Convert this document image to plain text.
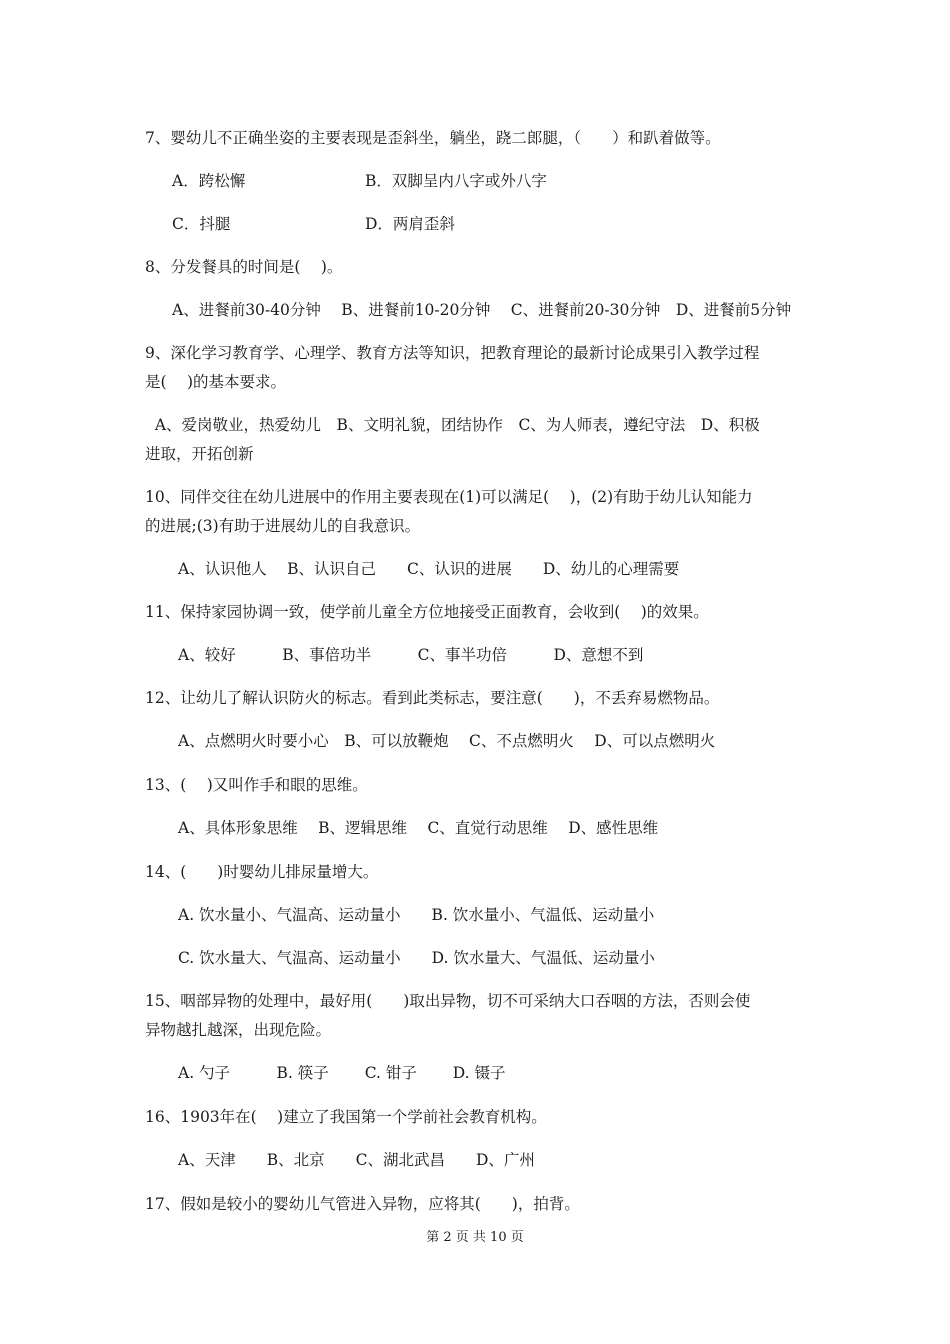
7、婴幼儿不正确坐姿的主要表现是歪斜坐，躺坐，跷二郎腿，（　　）和趴着做等。
A．跨松懈	B．双脚呈内八字或外八字
C．抖腿	D．两肩歪斜
8、分发餐具的时间是(　 )。
A、进餐前30-40分钟　 B、进餐前10-20分钟　 C、进餐前20-30分钟　D、进餐前5分钟
9、深化学习教育学、心理学、教育方法等知识，把教育理论的最新讨论成果引入教学过程
是(　 )的基本要求。
A、爱岗敬业，热爱幼儿　B、文明礼貌，团结协作　C、为人师表，遵纪守法　D、积极
进取，开拓创新
10、同伴交往在幼儿进展中的作用主要表现在(1)可以满足(　 )，(2)有助于幼儿认知能力
的进展;(3)有助于进展幼儿的自我意识。
A、认识他人　 B、认识自己　　C、认识的进展　　D、幼儿的心理需要
11、保持家园协调一致，使学前儿童全方位地接受正面教育，会收到(　 )的效果。
A、较好　　　B、事倍功半　　　C、事半功倍　　　D、意想不到
12、让幼儿了解认识防火的标志。看到此类标志，要注意(　　)，不丢弃易燃物品。
A、点燃明火时要小心　B、可以放鞭炮　 C、不点燃明火　 D、可以点燃明火
13、(　 )又叫作手和眼的思维。
A、具体形象思维　 B、逻辑思维　 C、直觉行动思维　 D、感性思维
14、(　　)时婴幼儿排尿量增大。
A. 饮水量小、气温高、运动量小　　B. 饮水量小、气温低、运动量小
C. 饮水量大、气温高、运动量小　　D. 饮水量大、气温低、运动量小
15、咽部异物的处理中，最好用(　　)取出异物，切不可采纳大口吞咽的方法，否则会使
异物越扎越深，出现危险。
A. 勺子　　　B. 筷子　　 C. 钳子　　 D. 镊子
16、1903年在(　 )建立了我国第一个学前社会教育机构。
A、天津　　B、北京　　C、湖北武昌　　D、广州
17、假如是较小的婴幼儿气管进入异物，应将其(　　)，拍背。
第 2 页 共 10 页
